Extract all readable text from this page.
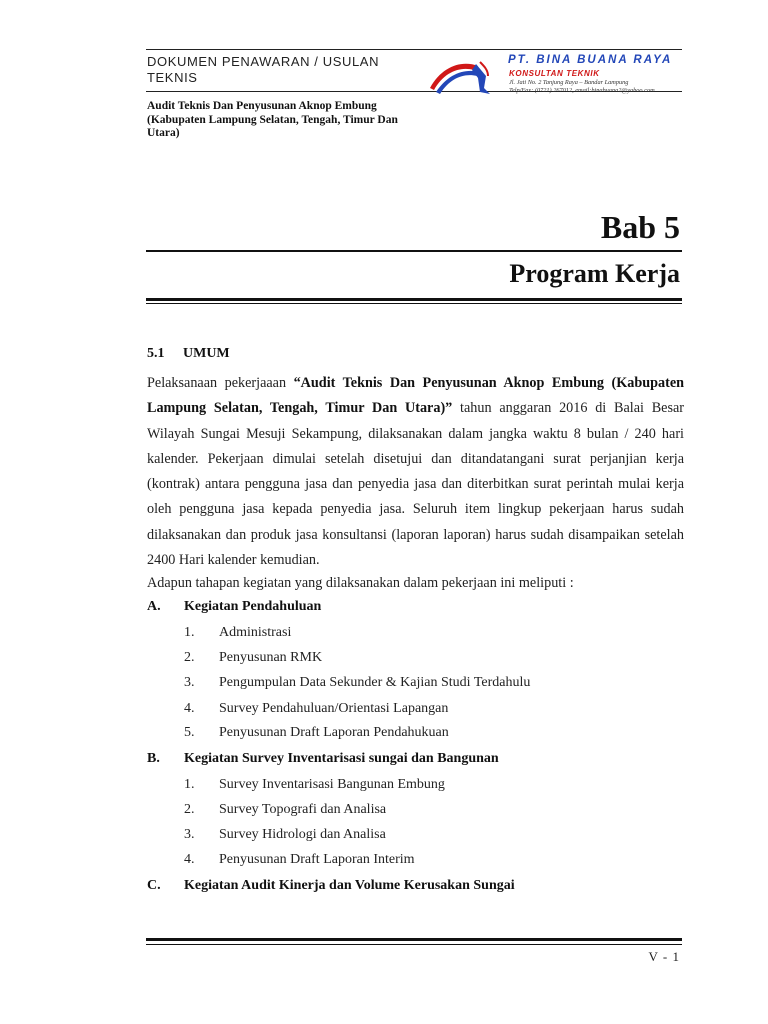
DOKUMEN PENAWARAN / USULAN TEKNIS
Audit Teknis Dan Penyusunan Aknop Embung (Kabupaten Lampung Selatan, Tengah, Timur Dan Utara)
PT. BINA BUANA RAYA
KONSULTAN TEKNIK
Jl. Jati No. 2 Tanjung Raya – Bandar Lampung
Telp/Fax: (0721) 267012, email:binabuana2@yahoo.com
Bab 5
Program Kerja
5.1 UMUM
Pelaksanaan pekerjaaan “Audit Teknis Dan Penyusunan Aknop Embung (Kabupaten Lampung Selatan, Tengah, Timur Dan Utara)” tahun anggaran 2016 di Balai Besar Wilayah Sungai Mesuji Sekampung, dilaksanakan dalam jangka waktu 8 bulan / 240 hari kalender. Pekerjaan dimulai setelah disetujui dan ditandatangani surat perjanjian kerja (kontrak) antara pengguna jasa dan penyedia jasa dan diterbitkan surat perintah mulai kerja oleh pengguna jasa kepada penyedia jasa. Seluruh item lingkup pekerjaan harus sudah dilaksanakan dan produk jasa konsultansi (laporan laporan) harus sudah disampaikan setelah 2400 Hari kalender kemudian.
Adapun tahapan kegiatan yang dilaksanakan dalam pekerjaan ini meliputi :
A. Kegiatan Pendahuluan
1. Administrasi
2. Penyusunan RMK
3. Pengumpulan Data Sekunder & Kajian Studi Terdahulu
4. Survey Pendahuluan/Orientasi Lapangan
5. Penyusunan Draft Laporan Pendahukuan
B. Kegiatan Survey Inventarisasi sungai dan Bangunan
1. Survey Inventarisasi Bangunan Embung
2. Survey Topografi dan Analisa
3. Survey Hidrologi dan Analisa
4. Penyusunan Draft Laporan Interim
C. Kegiatan Audit Kinerja dan Volume Kerusakan Sungai
V - 1
